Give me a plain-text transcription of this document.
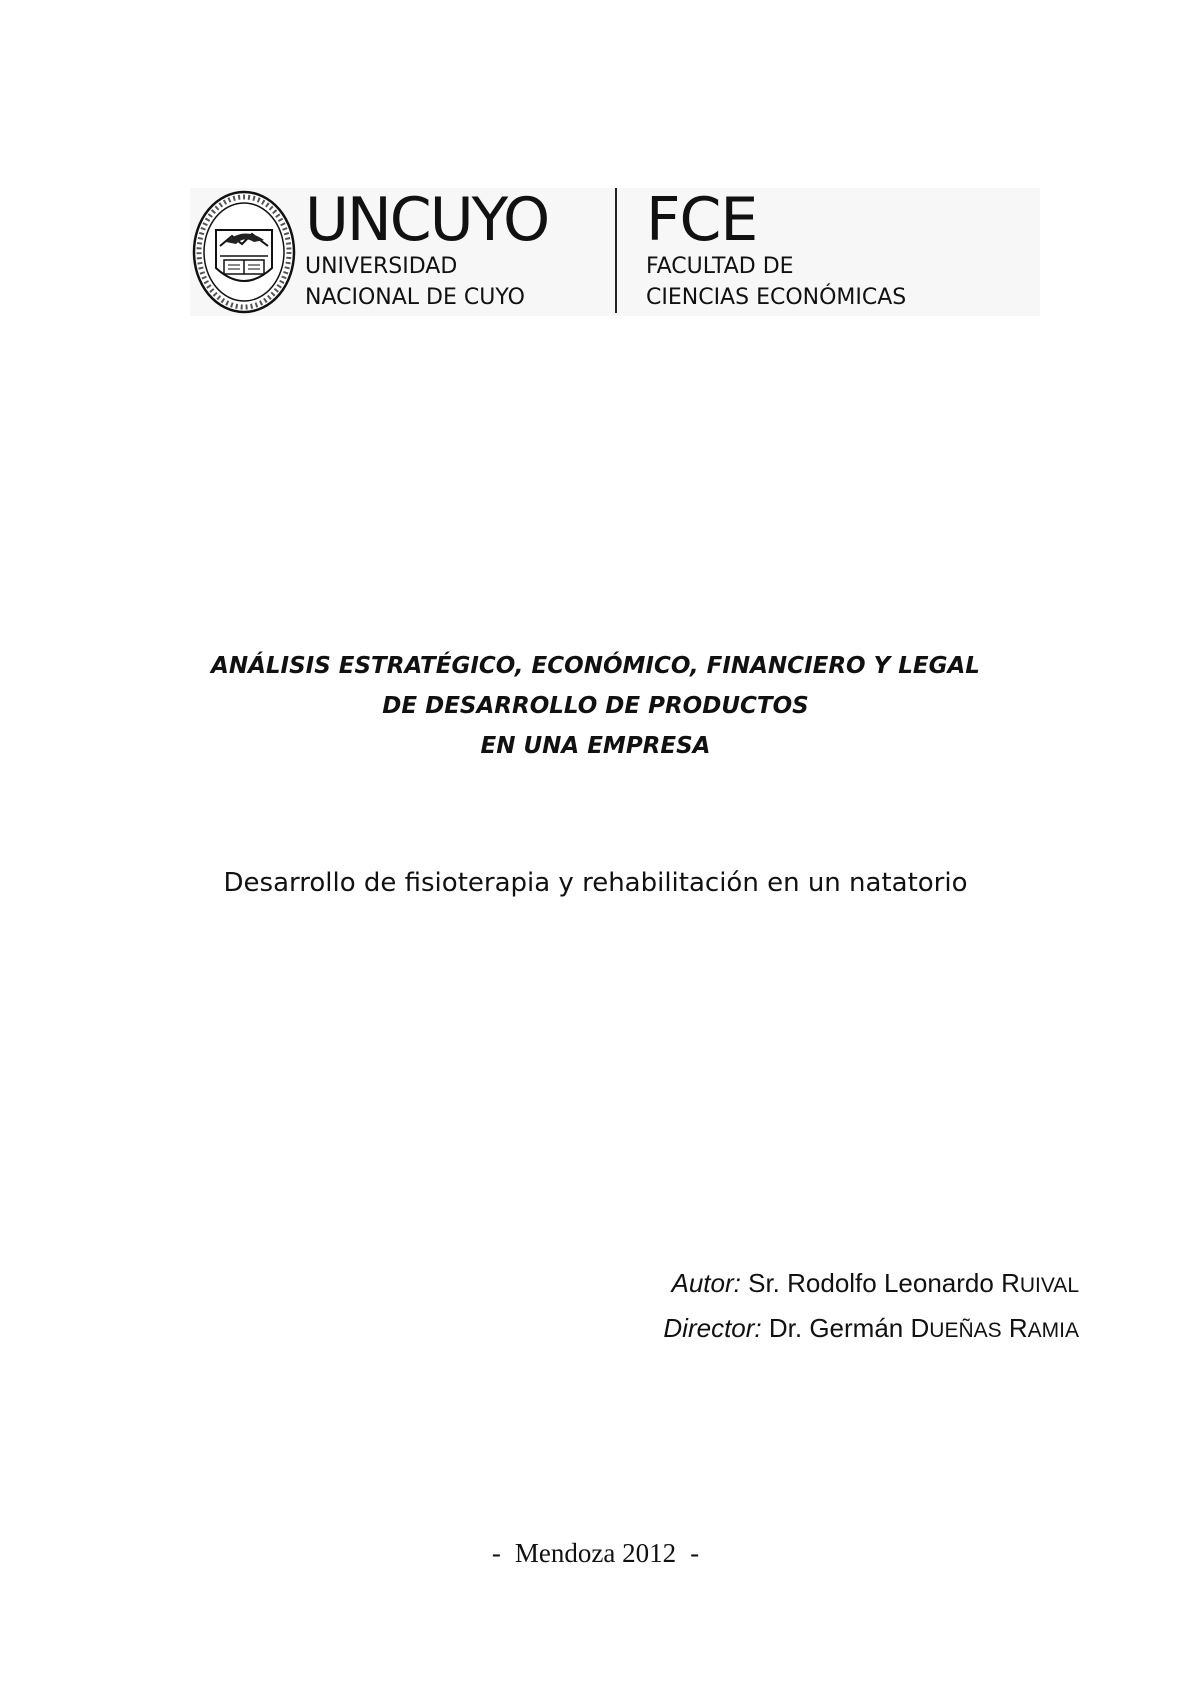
UNCUYO
UNIVERSIDAD
NACIONAL DE CUYO
FCE
FACULTAD DE
CIENCIAS ECONÓMICAS
ANÁLISIS ESTRATÉGICO, ECONÓMICO, FINANCIERO Y LEGAL
DE DESARROLLO DE PRODUCTOS
EN UNA EMPRESA
Desarrollo de fisioterapia y rehabilitación en un natatorio
Autor: Sr. Rodolfo Leonardo RUIVAL
Director: Dr. Germán DUEÑAS RAMIA
- Mendoza 2012 -
